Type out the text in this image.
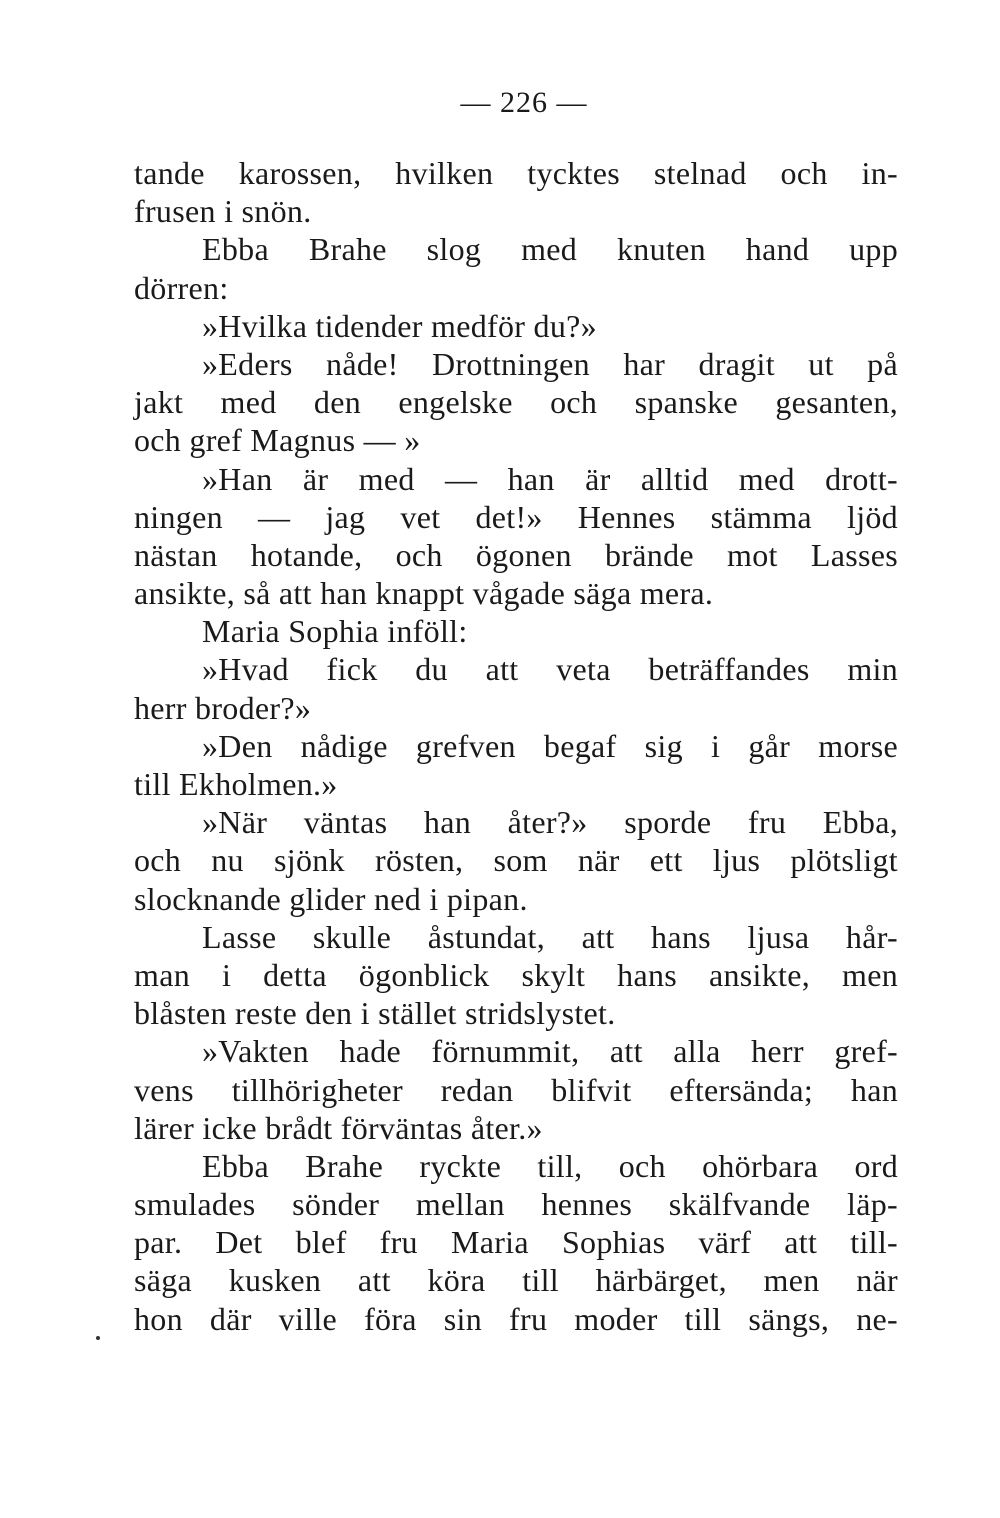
— 226 —
tande karossen, hvilken tycktes stelnad och in-
frusen i snön.
Ebba Brahe slog med knuten hand upp
dörren:
»Hvilka tidender medför du?»
»Eders nåde! Drottningen har dragit ut på
jakt med den engelske och spanske gesanten,
och gref Magnus — »
»Han är med — han är alltid med drott-
ningen — jag vet det!» Hennes stämma ljöd
nästan hotande, och ögonen brände mot Lasses
ansikte, så att han knappt vågade säga mera.
Maria Sophia inföll:
»Hvad fick du att veta beträffandes min
herr broder?»
»Den nådige grefven begaf sig i går morse
till Ekholmen.»
»När väntas han åter?» sporde fru Ebba,
och nu sjönk rösten, som när ett ljus plötsligt
slocknande glider ned i pipan.
Lasse skulle åstundat, att hans ljusa hår-
man i detta ögonblick skylt hans ansikte, men
blåsten reste den i stället stridslystet.
»Vakten hade förnummit, att alla herr gref-
vens tillhörigheter redan blifvit eftersända; han
lärer icke brådt förväntas åter.»
Ebba Brahe ryckte till, och ohörbara ord
smulades sönder mellan hennes skälfvande läp-
par. Det blef fru Maria Sophias värf att till-
säga kusken att köra till härbärget, men när
hon där ville föra sin fru moder till sängs, ne-
